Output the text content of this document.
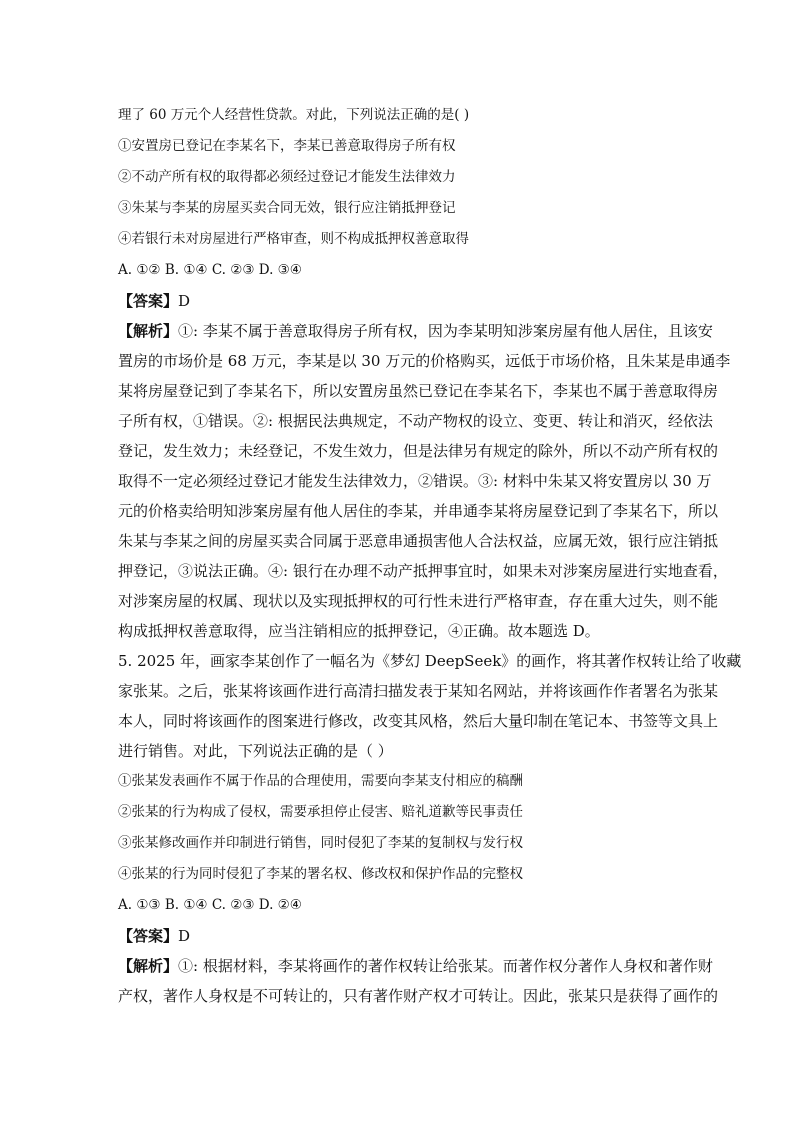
理了 60 万元个人经营性贷款。对此，下列说法正确的是( )
①安置房已登记在李某名下，李某已善意取得房子所有权
②不动产所有权的取得都必须经过登记才能发生法律效力
③朱某与李某的房屋买卖合同无效，银行应注销抵押登记
④若银行未对房屋进行严格审查，则不构成抵押权善意取得
A. ①② B. ①④ C. ②③ D. ③④
【答案】D
【解析】①: 李某不属于善意取得房子所有权，因为李某明知涉案房屋有他人居住，且该安
置房的市场价是 68 万元，李某是以 30 万元的价格购买，远低于市场价格，且朱某是串通李
某将房屋登记到了李某名下，所以安置房虽然已登记在李某名下，李某也不属于善意取得房
子所有权，①错误。②: 根据民法典规定，不动产物权的设立、变更、转让和消灭，经依法
登记，发生效力；未经登记，不发生效力，但是法律另有规定的除外，所以不动产所有权的
取得不一定必须经过登记才能发生法律效力，②错误。③: 材料中朱某又将安置房以 30 万
元的价格卖给明知涉案房屋有他人居住的李某，并串通李某将房屋登记到了李某名下，所以
朱某与李某之间的房屋买卖合同属于恶意串通损害他人合法权益，应属无效，银行应注销抵
押登记，③说法正确。④: 银行在办理不动产抵押事宜时，如果未对涉案房屋进行实地查看，
对涉案房屋的权属、现状以及实现抵押权的可行性未进行严格审查，存在重大过失，则不能
构成抵押权善意取得，应当注销相应的抵押登记，④正确。故本题选 D。
5. 2025 年，画家李某创作了一幅名为《梦幻 DeepSeek》的画作，将其著作权转让给了收藏
家张某。之后，张某将该画作进行高清扫描发表于某知名网站，并将该画作作者署名为张某
本人，同时将该画作的图案进行修改，改变其风格，然后大量印制在笔记本、书签等文具上
进行销售。对此，下列说法正确的是（ ）
①张某发表画作不属于作品的合理使用，需要向李某支付相应的稿酬
②张某的行为构成了侵权，需要承担停止侵害、赔礼道歉等民事责任
③张某修改画作并印制进行销售，同时侵犯了李某的复制权与发行权
④张某的行为同时侵犯了李某的署名权、修改权和保护作品的完整权
A. ①③ B. ①④ C. ②③ D. ②④
【答案】D
【解析】①: 根据材料，李某将画作的著作权转让给张某。而著作权分著作人身权和著作财
产权，著作人身权是不可转让的，只有著作财产权才可转让。因此，张某只是获得了画作的
